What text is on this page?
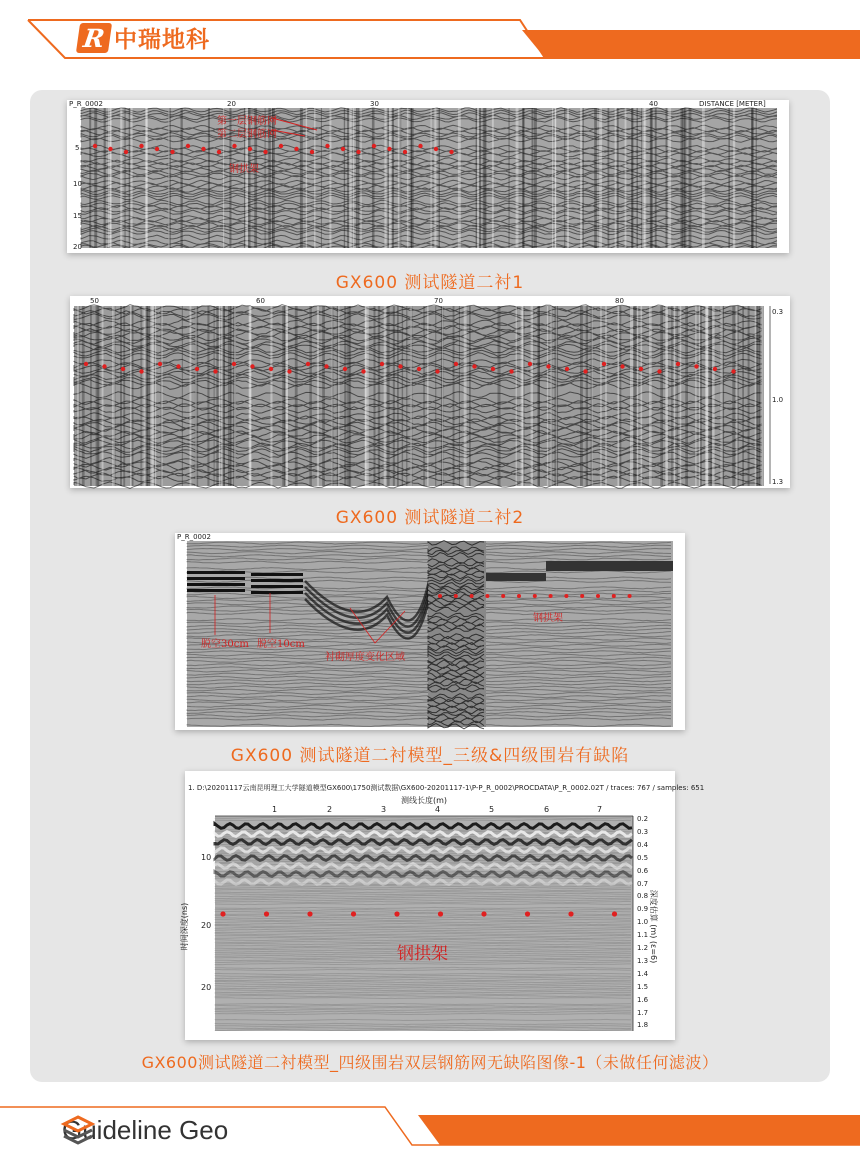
R 中瑞地科
P_R_0002	DISTANCE [METER]
20	30	40
5
10
15
20
第一层钢筋网
第二层钢筋网
钢拱架
GX600 测试隧道二衬1
50	60	70	80
0.3
1.0
1.3
GX600 测试隧道二衬2
P_R_0002
脱空30cm 脱空10cm
衬砌厚度变化区域
钢拱架
GX600 测试隧道二衬模型_三级&四级围岩有缺陷
1. D:\20201117云南昆明理工大学隧道模型GX600\1750测试数据\GX600-20201117-1\P-P_R_0002\PROCDATA\P_R_0002.02T / traces: 767 / samples: 651
测线长度(m)
1	2	3	4	5	6	7
10
20
20
时间深度(ns)	深度估算 (m) (ε=6)
0.2
0.3
0.4
0.5
0.6
0.7
0.8
0.9
1.0
1.1
1.2
1.3
1.4
1.5
1.6
1.7
1.8
钢拱架
GX600测试隧道二衬模型_四级围岩双层钢筋网无缺陷图像-1（未做任何滤波）
Guideline Geo
